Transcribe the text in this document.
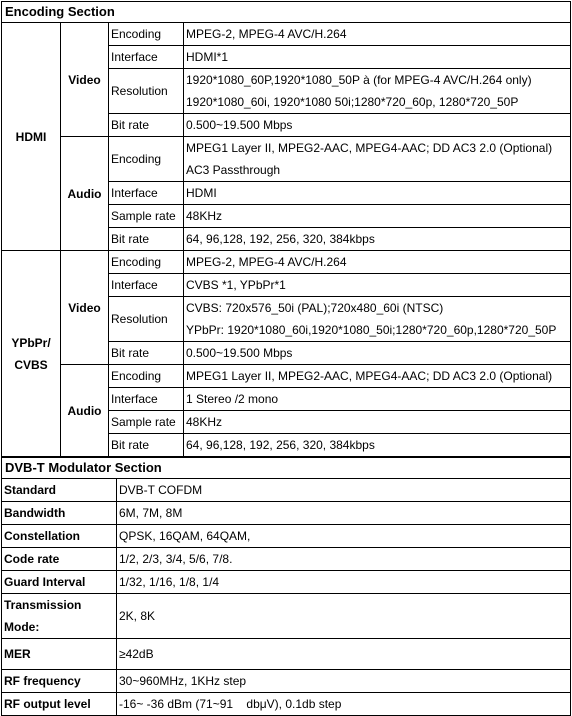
Encoding Section			

HDMI	Video	Encoding	MPEG-2, MPEG-4 AVC/H.264

		Interface	HDMI*1

		Resolution	1920*1080_60P,1920*1080_50P à (for MPEG-4 AVC/H.264 only)
1920*1080_60i, 1920*1080 50i;1280*720_60p, 1280*720_50P

		Bit rate	0.500~19.500 Mbps

	Audio	Encoding	MPEG1 Layer II, MPEG2-AAC, MPEG4-AAC; DD AC3 2.0 (Optional)
AC3 Passthrough

		Interface	HDMI

		Sample rate	48KHz

		Bit rate	64, 96,128, 192, 256, 320, 384kbps

YPbPr/
CVBS	Video	Encoding	MPEG-2, MPEG-4 AVC/H.264

		Interface	CVBS *1, YPbPr*1

		Resolution	CVBS: 720x576_50i (PAL);720x480_60i (NTSC)
YPbPr: 1920*1080_60i,1920*1080_50i;1280*720_60p,1280*720_50P

		Bit rate	0.500~19.500 Mbps

	Audio	Encoding	MPEG1 Layer II, MPEG2-AAC, MPEG4-AAC; DD AC3 2.0 (Optional)

		Interface	1 Stereo /2 mono

		Sample rate	48KHz

		Bit rate	64, 96,128, 192, 256, 320, 384kbps
DVB-T Modulator Section	

Standard	DVB-T COFDM

Bandwidth	6M, 7M, 8M

Constellation	QPSK, 16QAM, 64QAM,

Code rate	1/2, 2/3, 3/4, 5/6, 7/8.

Guard Interval	1/32, 1/16, 1/8, 1/4

Transmission
Mode:	2K, 8K

MER	≥42dB

RF frequency	30~960MHz, 1KHz step

RF output level	-16~ -36 dBm (71~91    dbμV), 0.1db step
